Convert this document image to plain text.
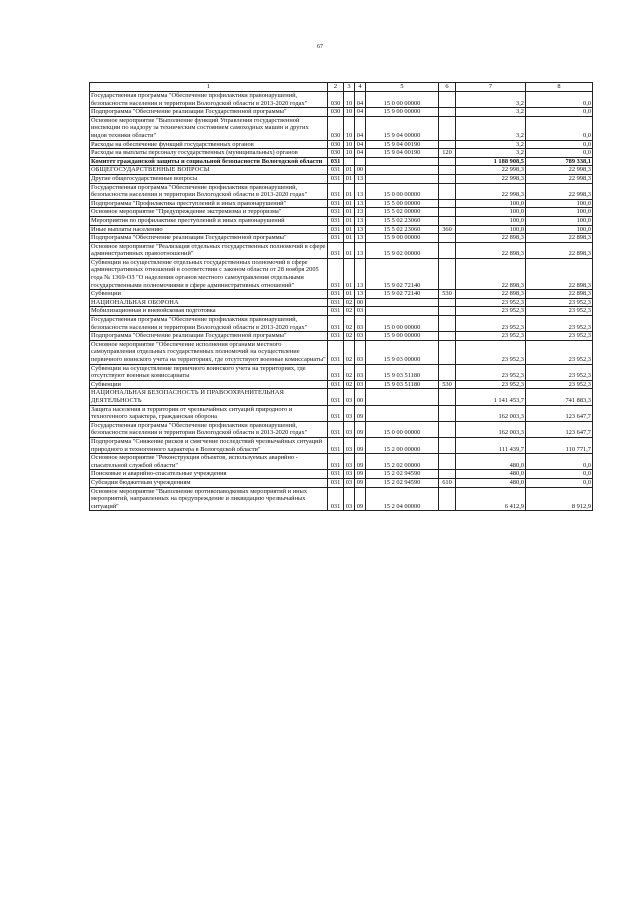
67
1	2	3	4	5	6	7	8
Государственная программа "Обеспечение профилактики правонарушений, безопасности населения и территории Вологодской области в 2013-2020 годах"	030	10	04	15 0 00 00000		3,2	0,0
Подпрограмма "Обеспечение реализации Государственной программы"	030	10	04	15 9 00 00000		3,2	0,0
Основное мероприятие "Выполнение функций Управления государственной инспекции по надзору за техническим состоянием самоходных машин и других видов техники области"	030	10	04	15 9 04 00000		3,2	0,0
Расходы на обеспечение функций государственных органов	030	10	04	15 9 04 00190		3,2	0,0
Расходы на выплаты персоналу государственных (муниципальных) органов	030	10	04	15 9 04 00190	120	3,2	0,0
Комитет гражданской защиты и социальной безопасности Вологодской области	031					1 188 908,5	789 338,1
ОБЩЕГОСУДАРСТВЕННЫЕ ВОПРОСЫ	031	01	00			22 998,3	22 998,3
Другие общегосударственные вопросы	031	01	13			22 998,3	22 998,3
Государственная программа "Обеспечение профилактики правонарушений, безопасности населения и территории Вологодской области в 2013-2020 годах"	031	01	13	15 0 00 00000		22 998,3	22 998,3
Подпрограмма "Профилактика преступлений и иных правонарушений"	031	01	13	15 5 00 00000		100,0	100,0
Основное мероприятие "Предупреждение экстремизма и терроризма"	031	01	13	15 5 02 00000		100,0	100,0
Мероприятия по профилактике преступлений и иных правонарушений	031	01	13	15 5 02 23060		100,0	100,0
Иные выплаты населению	031	01	13	15 5 02 23060	360	100,0	100,0
Подпрограмма "Обеспечение реализации Государственной программы"	031	01	13	15 9 00 00000		22 898,3	22 898,3
Основное мероприятие "Реализация отдельных государственных полномочий в сфере административных правоотношений"	031	01	13	15 9 02 00000		22 898,3	22 898,3
Субвенции на осуществление отдельных государственных полномочий в сфере административных отношений в соответствии с законом области от 28 ноября 2005 года № 1369-ОЗ "О наделении органов местного самоуправления отдельными государственными полномочиями в сфере административных отношений"	031	01	13	15 9 02 72140		22 898,3	22 898,3
Субвенции	031	01	13	15 9 02 72140	530	22 898,3	22 898,3
НАЦИОНАЛЬНАЯ ОБОРОНА	031	02	00			23 952,3	23 952,3
Мобилизационная и вневойсковая подготовка	031	02	03			23 952,3	23 952,3
Государственная программа "Обеспечение профилактики правонарушений, безопасности населения и территории Вологодской области в 2013-2020 годах"	031	02	03	15 0 00 00000		23 952,3	23 952,3
Подпрограмма "Обеспечение реализации Государственной программы"	031	02	03	15 9 00 00000		23 952,3	23 952,3
Основное мероприятие "Обеспечение исполнения органами местного самоуправления отдельных государственных полномочий на осуществление первичного воинского учета на территориях, где отсутствуют военные комиссариаты"	031	02	03	15 9 03 00000		23 952,3	23 952,3
Субвенции на осуществление первичного воинского учета на территориях, где отсутствуют военные комиссариаты	031	02	03	15 9 03 51180		23 952,3	23 952,3
Субвенции	031	02	03	15 9 03 51180	530	23 952,3	23 952,3
НАЦИОНАЛЬНАЯ БЕЗОПАСНОСТЬ И ПРАВООХРАНИТЕЛЬНАЯ ДЕЯТЕЛЬНОСТЬ	031	03	00			1 141 453,7	741 883,3
Защита населения и территории от чрезвычайных ситуаций природного и техногенного характера, гражданская оборона	031	03	09			162 003,3	123 647,7
Государственная программа "Обеспечение профилактики правонарушений, безопасности населения и территории Вологодской области в 2013-2020 годах"	031	03	09	15 0 00 00000		162 003,3	123 647,7
Подпрограмма "Снижение рисков и смягчение последствий чрезвычайных ситуаций природного и техногенного характера в Вологодской области"	031	03	09	15 2 00 00000		111 439,7	110 771,7
Основное мероприятие "Реконструкция объектов, используемых аварийно - спасательной службой области"	031	03	09	15 2 02 00000		480,0	0,0
Поисковые и аварийно-спасательные учреждения	031	03	09	15 2 02 94590		480,0	0,0
Субсидии бюджетным учреждениям	031	03	09	15 2 02 94590	610	480,0	0,0
Основное мероприятие "Выполнение противопаводковых мероприятий и иных мероприятий, направленных на предупреждение и ликвидацию чрезвычайных ситуаций"	031	03	09	15 2 04 00000		6 412,9	8 912,9
